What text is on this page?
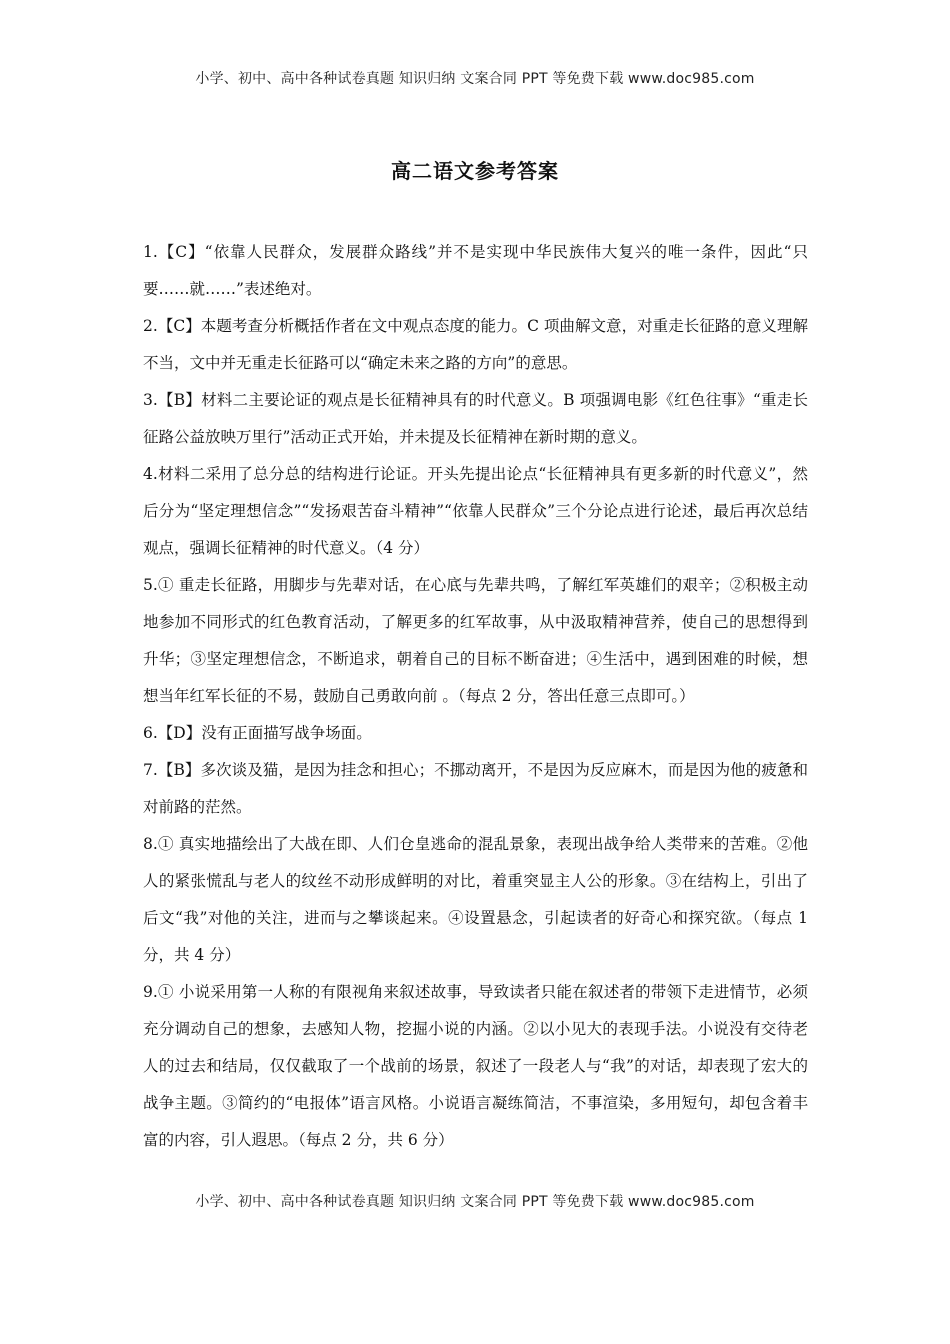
小学、初中、高中各种试卷真题 知识归纳 文案合同 PPT 等免费下载 www.doc985.com
高二语文参考答案

1.【C】“依靠人民群众，发展群众路线”并不是实现中华民族伟大复兴的唯一条件，因此“只要……就……”表述绝对。

2.【C】本题考查分析概括作者在文中观点态度的能力。C 项曲解文意，对重走长征路的意义理解不当，文中并无重走长征路可以“确定未来之路的方向”的意思。

3.【B】材料二主要论证的观点是长征精神具有的时代意义。B 项强调电影《红色往事》“重走长征路公益放映万里行”活动正式开始，并未提及长征精神在新时期的意义。

4.材料二采用了总分总的结构进行论证。开头先提出论点“长征精神具有更多新的时代意义”，然后分为“坚定理想信念”“发扬艰苦奋斗精神”“依靠人民群众”三个分论点进行论述，最后再次总结观点，强调长征精神的时代意义。（4 分）

5.① 重走长征路，用脚步与先辈对话，在心底与先辈共鸣，了解红军英雄们的艰辛；②积极主动地参加不同形式的红色教育活动，了解更多的红军故事，从中汲取精神营养，使自己的思想得到升华；③坚定理想信念，不断追求，朝着自己的目标不断奋进；④生活中，遇到困难的时候，想想当年红军长征的不易，鼓励自己勇敢向前 。（每点 2 分，答出任意三点即可。）

6.【D】没有正面描写战争场面。

7.【B】多次谈及猫，是因为挂念和担心；不挪动离开，不是因为反应麻木，而是因为他的疲惫和对前路的茫然。

8.① 真实地描绘出了大战在即、人们仓皇逃命的混乱景象，表现出战争给人类带来的苦难。②他人的紧张慌乱与老人的纹丝不动形成鲜明的对比，着重突显主人公的形象。③在结构上，引出了后文“我”对他的关注，进而与之攀谈起来。④设置悬念，引起读者的好奇心和探究欲。（每点 1 分，共 4 分）

9.① 小说采用第一人称的有限视角来叙述故事，导致读者只能在叙述者的带领下走进情节，必须充分调动自己的想象，去感知人物，挖掘小说的内涵。②以小见大的表现手法。小说没有交待老人的过去和结局，仅仅截取了一个战前的场景，叙述了一段老人与“我”的对话，却表现了宏大的战争主题。③简约的“电报体”语言风格。小说语言凝练简洁，不事渲染，多用短句，却包含着丰富的内容，引人遐思。（每点 2 分，共 6 分）

小学、初中、高中各种试卷真题 知识归纳 文案合同 PPT 等免费下载 www.doc985.com
